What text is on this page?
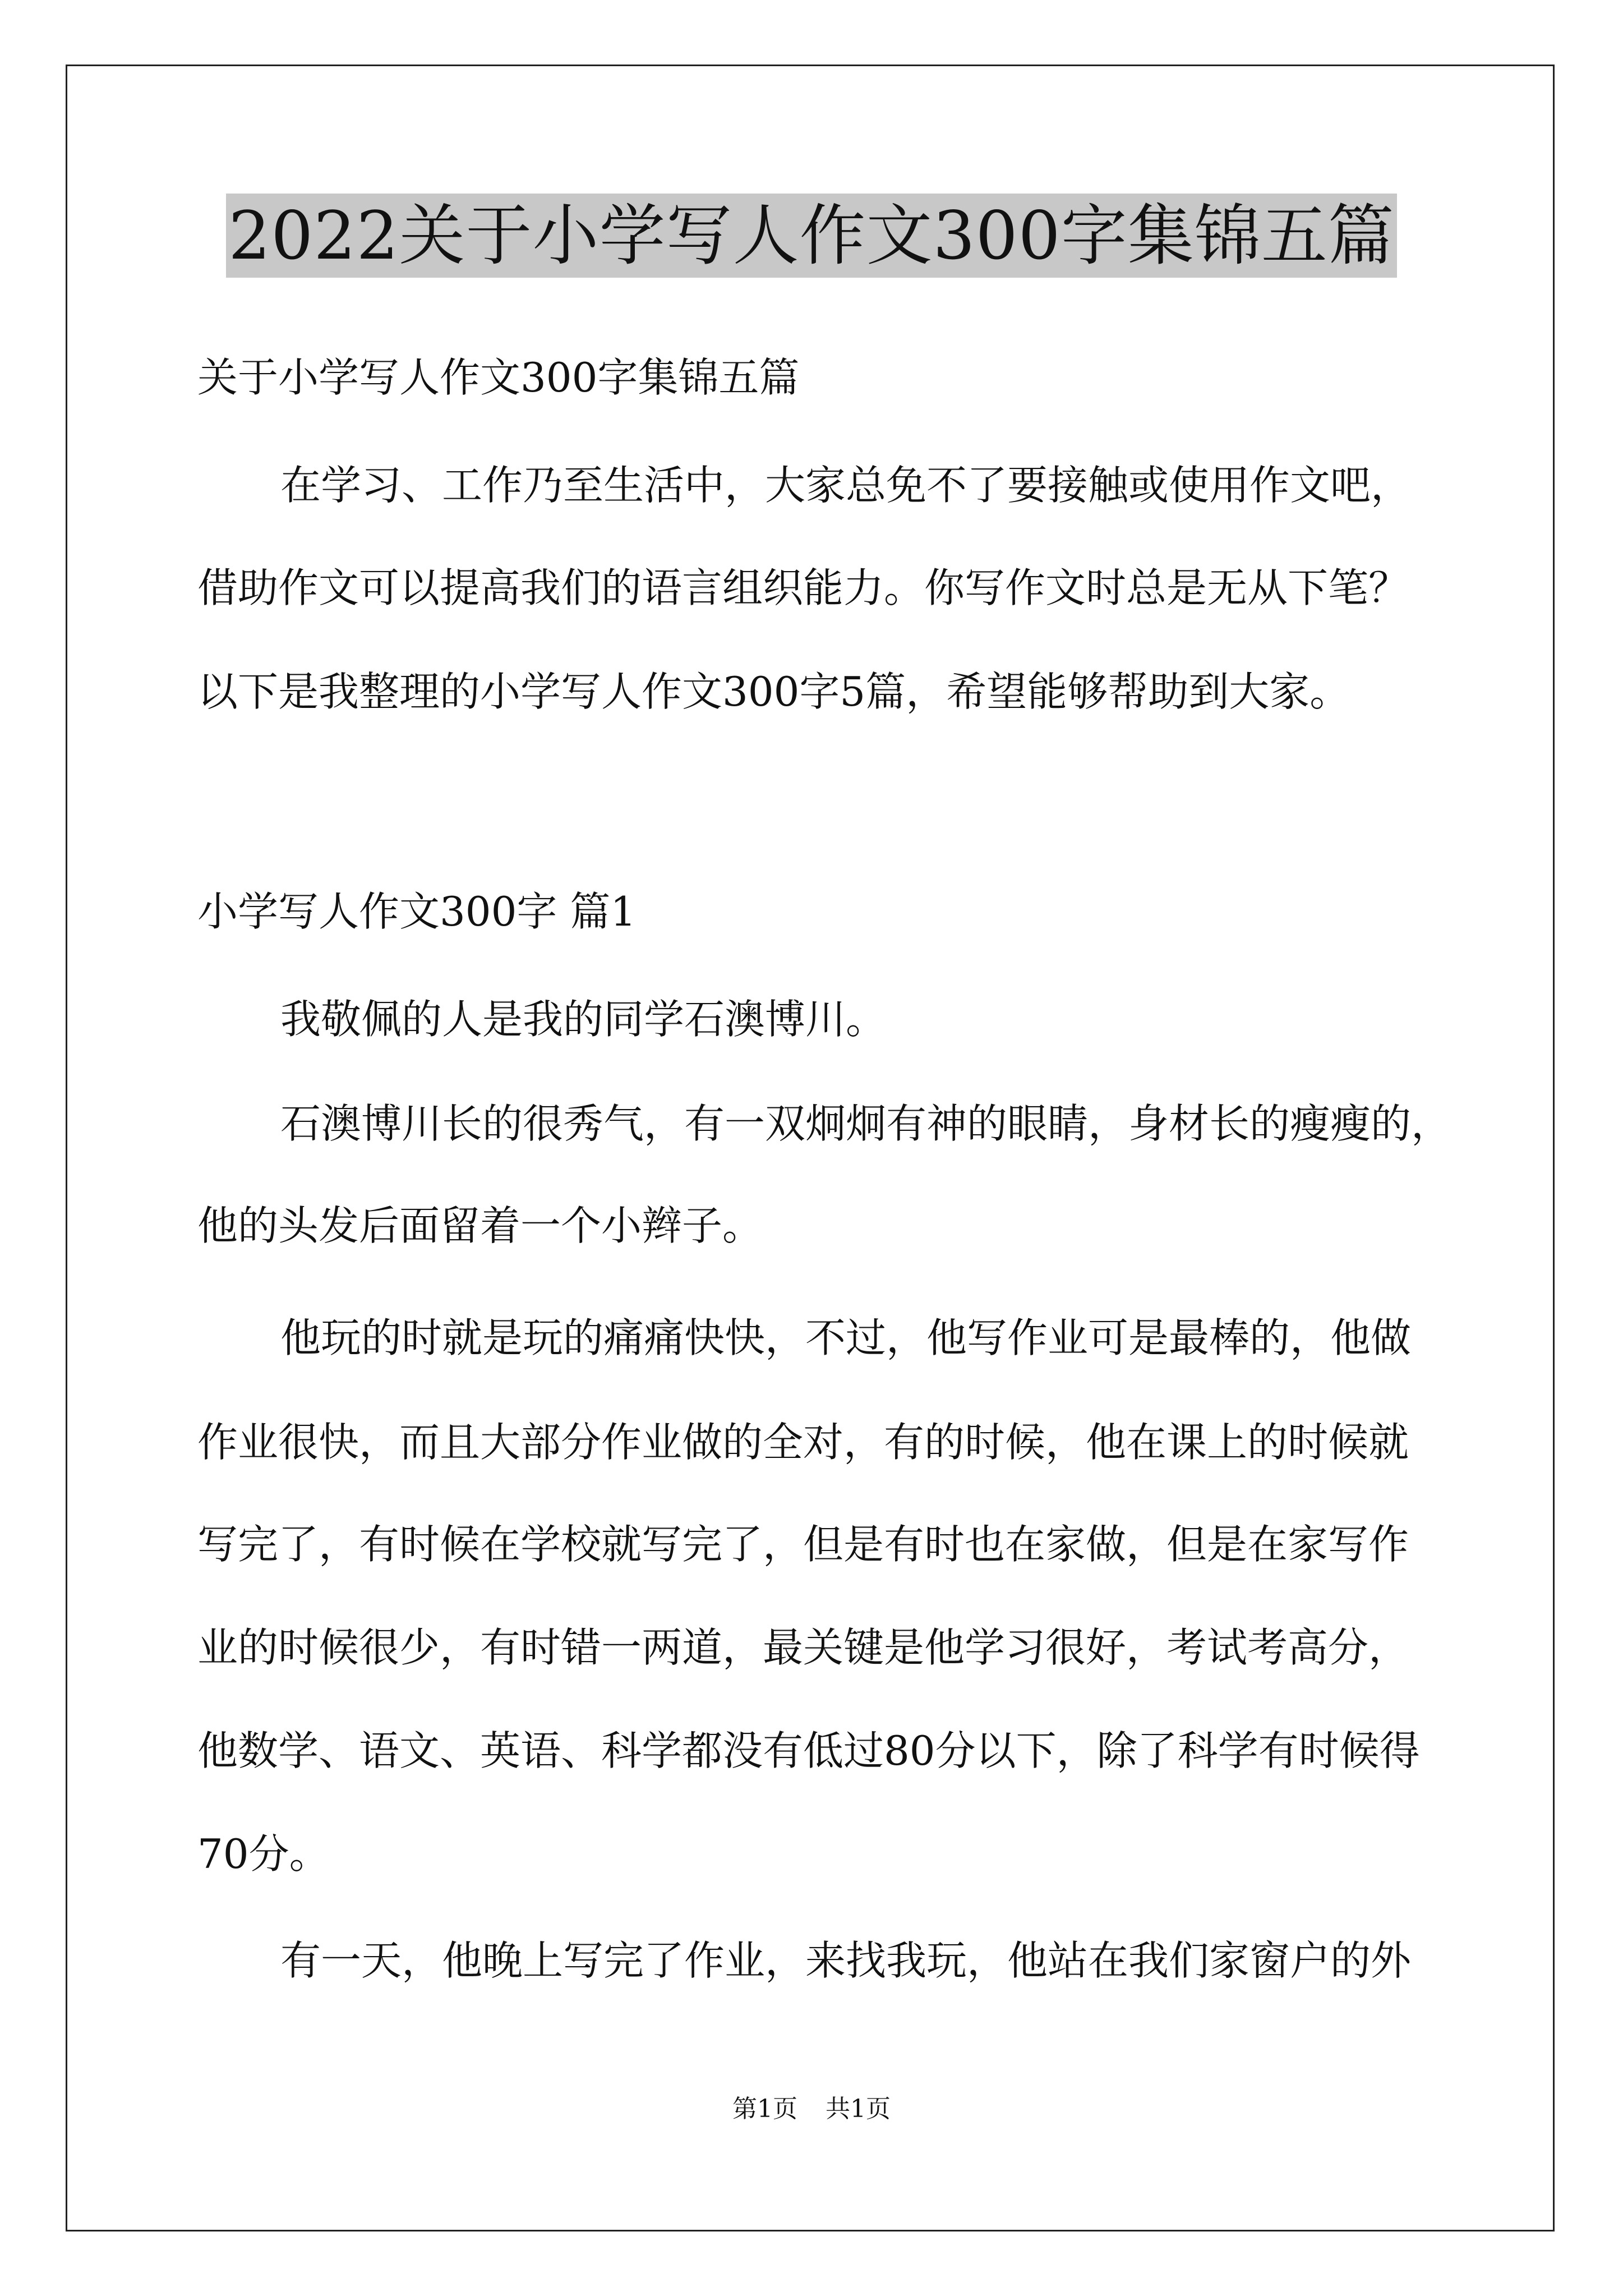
2022关于小学写人作文300字集锦五篇
关于小学写人作文300字集锦五篇
在学习、工作乃至生活中，大家总免不了要接触或使用作文吧，
借助作文可以提高我们的语言组织能力。你写作文时总是无从下笔？
以下是我整理的小学写人作文300字5篇，希望能够帮助到大家。
小学写人作文300字 篇1
我敬佩的人是我的同学石澳博川。
石澳博川长的很秀气，有一双炯炯有神的眼睛，身材长的瘦瘦的，
他的头发后面留着一个小辫子。
他玩的时就是玩的痛痛快快，不过，他写作业可是最棒的，他做
作业很快，而且大部分作业做的全对，有的时候，他在课上的时候就
写完了，有时候在学校就写完了，但是有时也在家做，但是在家写作
业的时候很少，有时错一两道，最关键是他学习很好，考试考高分，
他数学、语文、英语、科学都没有低过80分以下，除了科学有时候得
70分。
有一天，他晚上写完了作业，来找我玩，他站在我们家窗户的外
第1页 共1页
